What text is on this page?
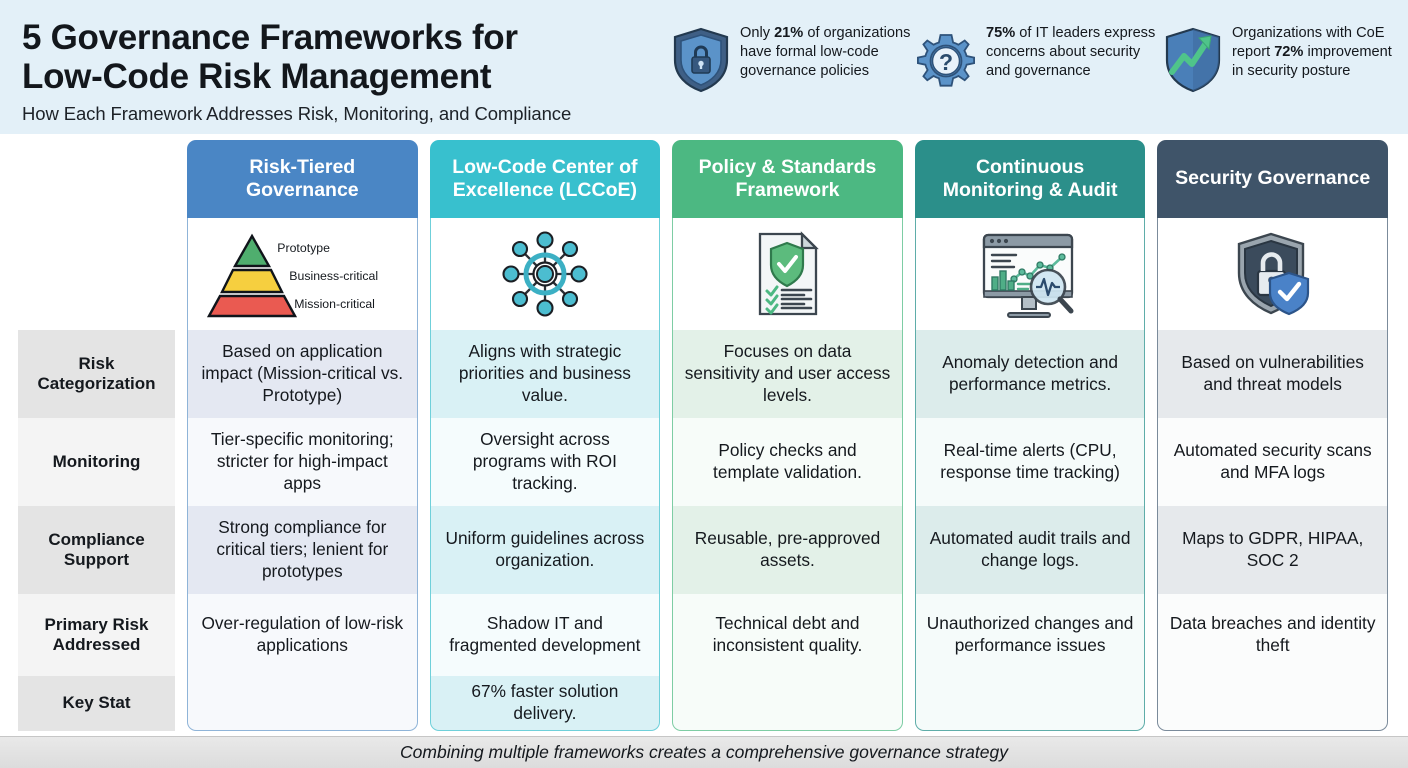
5 Governance Frameworks for
Low-Code Risk Management
How Each Framework Addresses Risk, Monitoring, and Compliance
Only 21% of organizations have formal low-code governance policies	?
75% of IT leaders express concerns about security and governance
Organizations with CoE report 72% improvement in security posture
Risk-Tiered Governance
Low-Code Center of Excellence (LCCoE)
Policy & Standards Framework
Continuous Monitoring & Audit
Security Governance
Prototype
Business-critical
Mission-critical
Risk Categorization
Based on application impact (Mission-critical vs. Prototype)
Aligns with strategic priorities and business value.
Focuses on data sensitivity and user access levels.
Anomaly detection and performance metrics.
Based on vulnerabilities and threat models
Monitoring
Tier-specific monitoring; stricter for high-impact apps
Oversight across programs with ROI tracking.
Policy checks and template validation.
Real-time alerts (CPU, response time tracking)
Automated security scans and MFA logs
Compliance Support
Strong compliance for critical tiers; lenient for prototypes
Uniform guidelines across organization.
Reusable, pre-approved assets.
Automated audit trails and change logs.
Maps to GDPR, HIPAA, SOC 2
Primary Risk Addressed
Over-regulation of low-risk applications
Shadow IT and fragmented development
Technical debt and inconsistent quality.
Unauthorized changes and performance issues
Data breaches and identity theft
Key Stat
67% faster solution delivery.
Combining multiple frameworks creates a comprehensive governance strategy
